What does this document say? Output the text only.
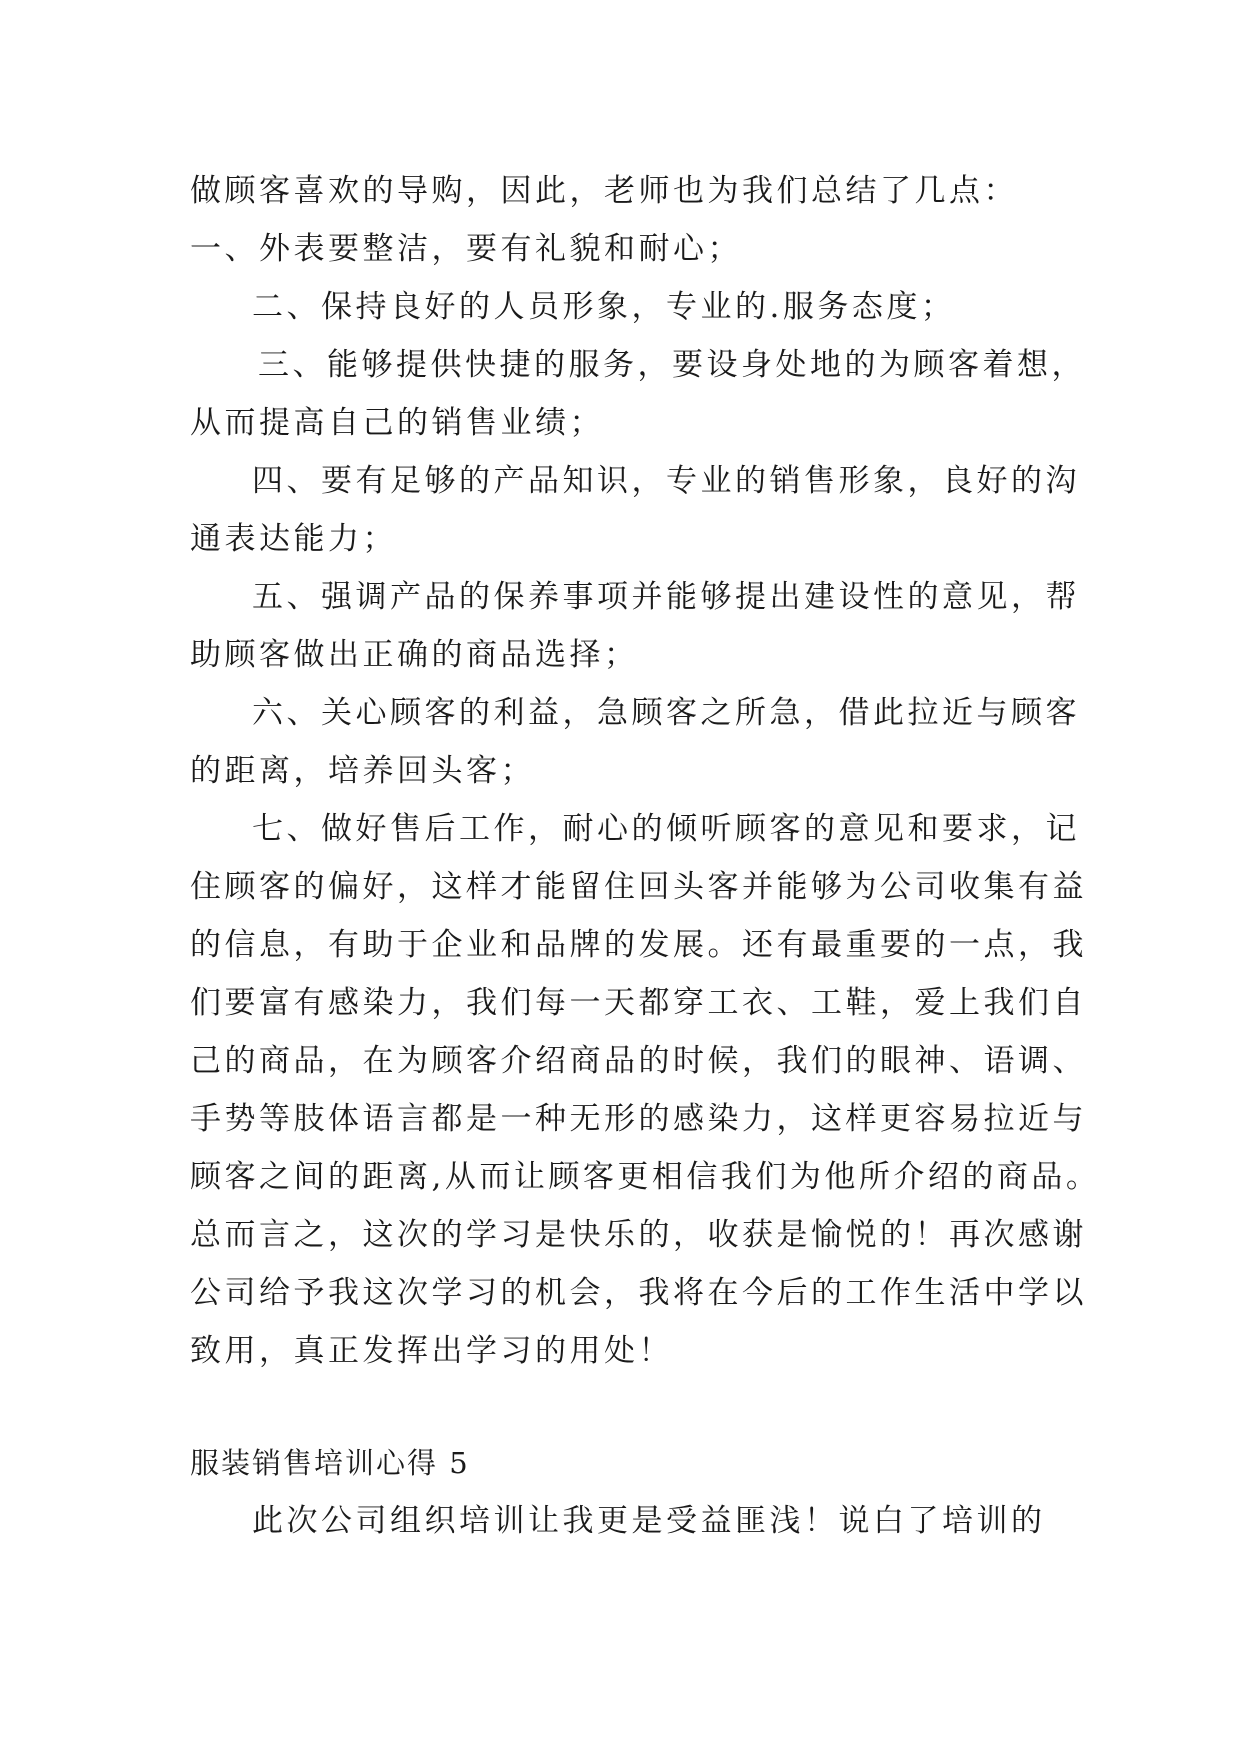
做顾客喜欢的导购，因此，老师也为我们总结了几点：
一、外表要整洁，要有礼貌和耐心；
二、保持良好的人员形象，专业的.服务态度；
三、能够提供快捷的服务，要设身处地的为顾客着想，
从而提高自己的销售业绩；
四、要有足够的产品知识，专业的销售形象，良好的沟
通表达能力；
五、强调产品的保养事项并能够提出建设性的意见，帮
助顾客做出正确的商品选择；
六、关心顾客的利益，急顾客之所急，借此拉近与顾客
的距离，培养回头客；
七、做好售后工作，耐心的倾听顾客的意见和要求，记
住顾客的偏好，这样才能留住回头客并能够为公司收集有益
的信息，有助于企业和品牌的发展。还有最重要的一点，我
们要富有感染力，我们每一天都穿工衣、工鞋，爱上我们自
己的商品，在为顾客介绍商品的时候，我们的眼神、语调、
手势等肢体语言都是一种无形的感染力，这样更容易拉近与
顾客之间的距离,从而让顾客更相信我们为他所介绍的商品。
总而言之，这次的学习是快乐的，收获是愉悦的！再次感谢
公司给予我这次学习的机会，我将在今后的工作生活中学以
致用，真正发挥出学习的用处！
服装销售培训心得 5
此次公司组织培训让我更是受益匪浅！说白了培训的
